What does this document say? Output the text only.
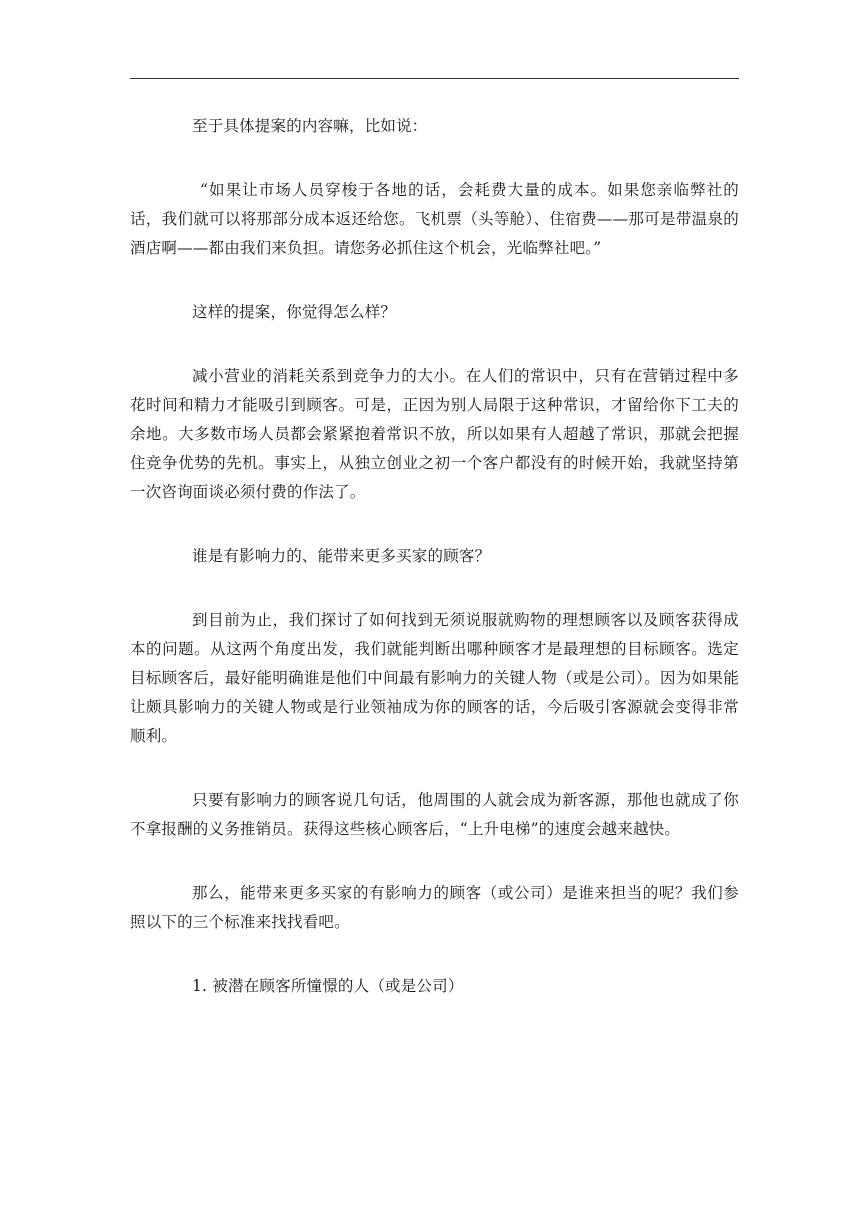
至于具体提案的内容嘛，比如说：

“如果让市场人员穿梭于各地的话，会耗费大量的成本。如果您亲临弊社的话，我们就可以将那部分成本返还给您。飞机票（头等舱）、住宿费——那可是带温泉的酒店啊——都由我们来负担。请您务必抓住这个机会，光临弊社吧。”

这样的提案，你觉得怎么样？

减小营业的消耗关系到竞争力的大小。在人们的常识中，只有在营销过程中多花时间和精力才能吸引到顾客。可是，正因为别人局限于这种常识，才留给你下工夫的余地。大多数市场人员都会紧紧抱着常识不放，所以如果有人超越了常识，那就会把握住竞争优势的先机。事实上，从独立创业之初一个客户都没有的时候开始，我就坚持第一次咨询面谈必须付费的作法了。

谁是有影响力的、能带来更多买家的顾客？

到目前为止，我们探讨了如何找到无须说服就购物的理想顾客以及顾客获得成本的问题。从这两个角度出发，我们就能判断出哪种顾客才是最理想的目标顾客。选定目标顾客后，最好能明确谁是他们中间最有影响力的关键人物（或是公司）。因为如果能让颇具影响力的关键人物或是行业领袖成为你的顾客的话，今后吸引客源就会变得非常顺利。

只要有影响力的顾客说几句话，他周围的人就会成为新客源，那他也就成了你不拿报酬的义务推销员。获得这些核心顾客后，“上升电梯”的速度会越来越快。

那么，能带来更多买家的有影响力的顾客（或公司）是谁来担当的呢？我们参照以下的三个标准来找找看吧。

1. 被潜在顾客所憧憬的人（或是公司）
